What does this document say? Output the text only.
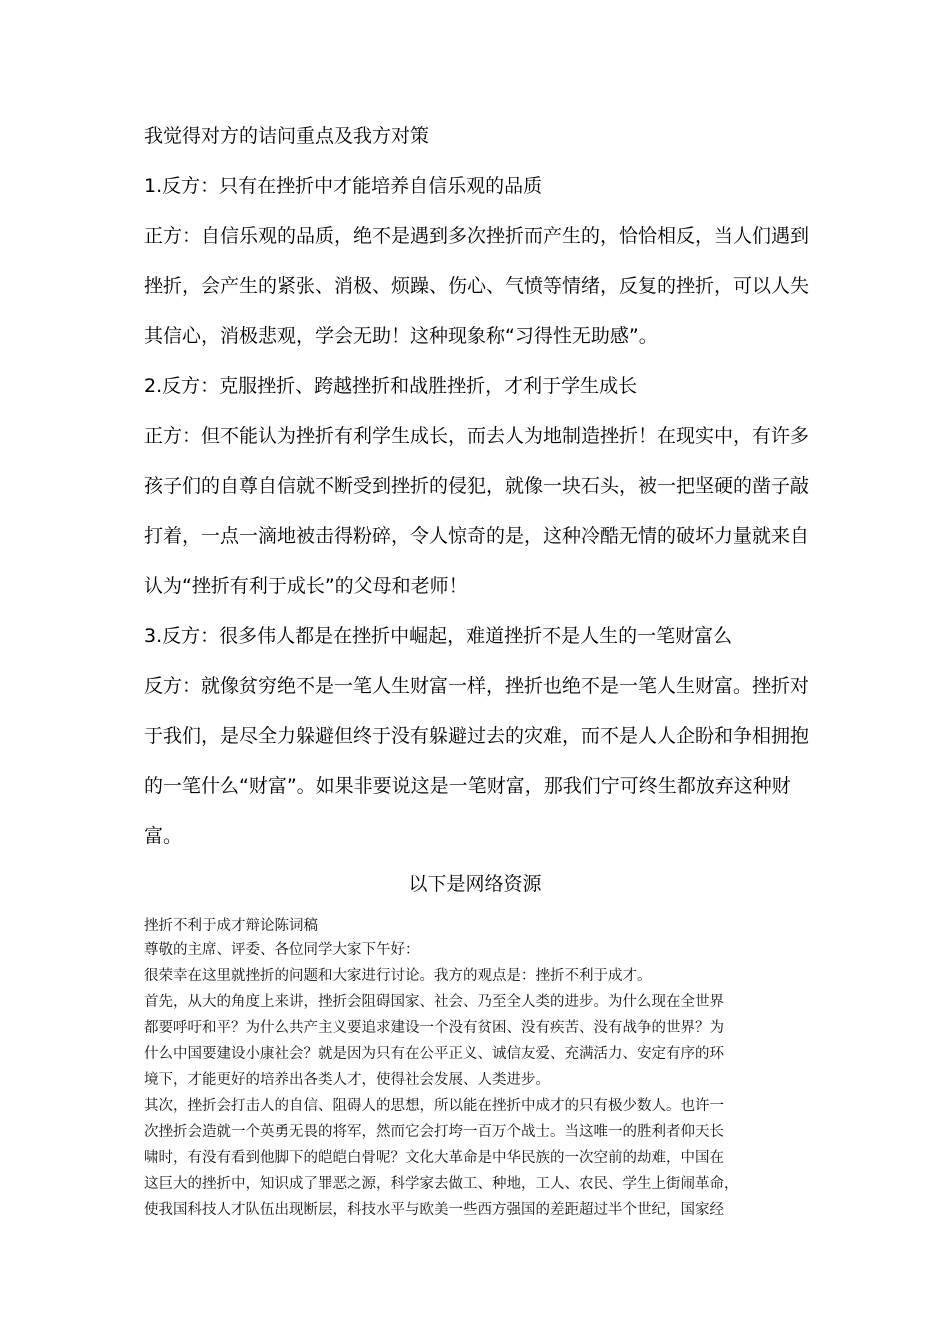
我觉得对方的诘问重点及我方对策
1.反方：只有在挫折中才能培养自信乐观的品质
正方：自信乐观的品质，绝不是遇到多次挫折而产生的，恰恰相反，当人们遇到
挫折，会产生的紧张、消极、烦躁、伤心、气愤等情绪，反复的挫折，可以人失
其信心，消极悲观，学会无助！这种现象称“习得性无助感”。
2.反方：克服挫折、跨越挫折和战胜挫折，才利于学生成长
正方：但不能认为挫折有利学生成长，而去人为地制造挫折！在现实中，有许多
孩子们的自尊自信就不断受到挫折的侵犯，就像一块石头，被一把坚硬的凿子敲
打着，一点一滴地被击得粉碎，令人惊奇的是，这种冷酷无情的破坏力量就来自
认为“挫折有利于成长”的父母和老师！
3.反方：很多伟人都是在挫折中崛起，难道挫折不是人生的一笔财富么
反方：就像贫穷绝不是一笔人生财富一样，挫折也绝不是一笔人生财富。挫折对
于我们，是尽全力躲避但终于没有躲避过去的灾难，而不是人人企盼和争相拥抱
的一笔什么“财富”。如果非要说这是一笔财富，那我们宁可终生都放弃这种财
富。
以下是网络资源
挫折不利于成才辩论陈词稿
尊敬的主席、评委、各位同学大家下午好：
很荣幸在这里就挫折的问题和大家进行讨论。我方的观点是：挫折不利于成才。
首先，从大的角度上来讲，挫折会阻碍国家、社会、乃至全人类的进步。为什么现在全世界
都要呼吁和平？为什么共产主义要追求建设一个没有贫困、没有疾苦、没有战争的世界？为
什么中国要建设小康社会？就是因为只有在公平正义、诚信友爱、充满活力、安定有序的环
境下，才能更好的培养出各类人才，使得社会发展、人类进步。
其次，挫折会打击人的自信、阻碍人的思想，所以能在挫折中成才的只有极少数人。也许一
次挫折会造就一个英勇无畏的将军，然而它会打垮一百万个战士。当这唯一的胜利者仰天长
啸时，有没有看到他脚下的皑皑白骨呢？文化大革命是中华民族的一次空前的劫难，中国在
这巨大的挫折中，知识成了罪恶之源，科学家去做工、种地，工人、农民、学生上街闹革命，
使我国科技人才队伍出现断层，科技水平与欧美一些西方强国的差距超过半个世纪，国家经
